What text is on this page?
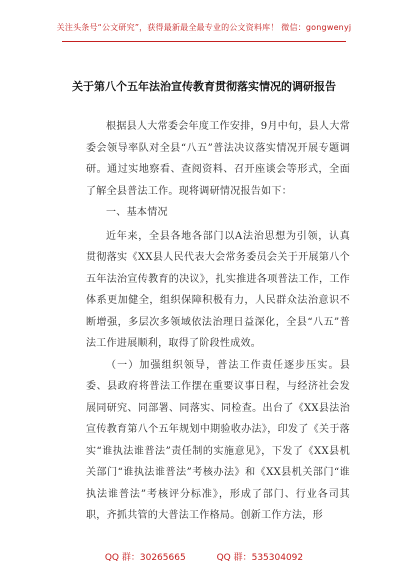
关注头条号“公文研究”，获得最新最全最专业的公文资料库！ 微信：gongwenyj
关于第八个五年法治宣传教育贯彻落实情况的调研报告

根据县人大常委会年度工作安排，9月中旬，县人大常委会领导率队对全县“八五”普法决议落实情况开展专题调研。通过实地察看、查阅资料、召开座谈会等形式，全面了解全县普法工作。现将调研情况报告如下：

一、基本情况

近年来，全县各地各部门以A法治思想为引领，认真贯彻落实《XX县人民代表大会常务委员会关于开展第八个五年法治宣传教育的决议》，扎实推进各项普法工作，工作体系更加健全，组织保障积极有力，人民群众法治意识不断增强，多层次多领域依法治理日益深化，全县“八五”普法工作进展顺利，取得了阶段性成效。

（一）加强组织领导，普法工作责任逐步压实。县委、县政府将普法工作摆在重要议事日程，与经济社会发展同研究、同部署、同落实、同检查。出台了《XX县法治宣传教育第八个五年规划中期验收办法》，印发了《关于落实“谁执法谁普法”责任制的实施意见》，下发了《XX县机关部门“谁执法谁普法”考核办法》和《XX县机关部门“谁执法谁普法”考核评分标准》，形成了部门、行业各司其职，齐抓共管的大普法工作格局。创新工作方法，形

QQ 群：30265665	QQ 群：535304092
